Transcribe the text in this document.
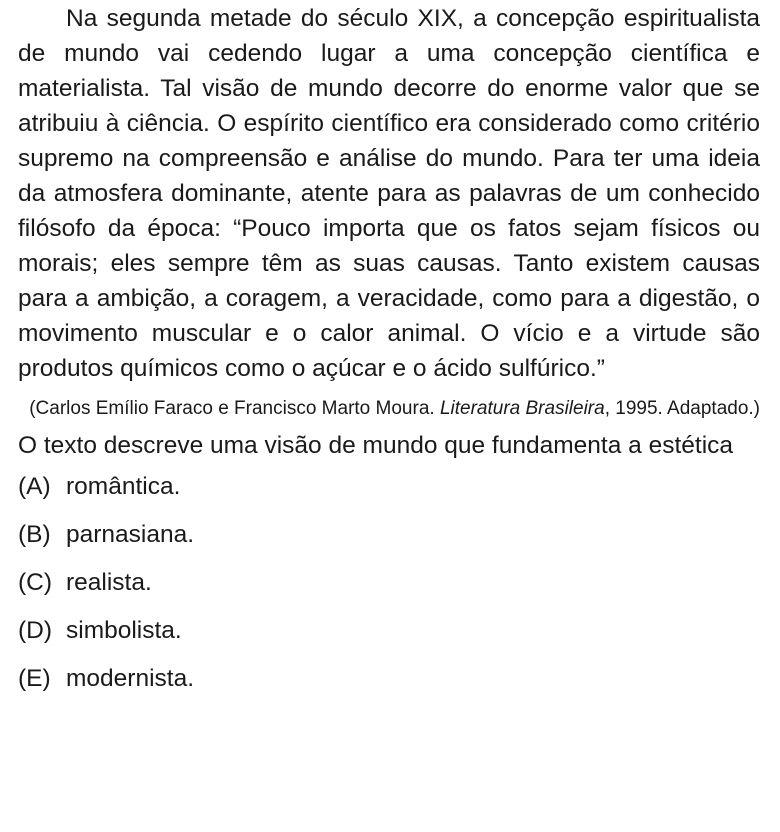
Na segunda metade do século XIX, a concepção espiritualista de mundo vai cedendo lugar a uma concepção científica e materialista. Tal visão de mundo decorre do enorme valor que se atribuiu à ciência. O espírito científico era considerado como critério supremo na compreensão e análise do mundo. Para ter uma ideia da atmosfera dominante, atente para as palavras de um conhecido filósofo da época: “Pouco importa que os fatos sejam físicos ou morais; eles sempre têm as suas causas. Tanto existem causas para a ambição, a coragem, a veracidade, como para a digestão, o movimento muscular e o calor animal. O vício e a virtude são produtos químicos como o açúcar e o ácido sulfúrico.”

(Carlos Emílio Faraco e Francisco Marto Moura. Literatura Brasileira, 1995. Adaptado.)

O texto descreve uma visão de mundo que fundamenta a estética

(A) romântica.
(B) parnasiana.
(C) realista.
(D) simbolista.
(E) modernista.
